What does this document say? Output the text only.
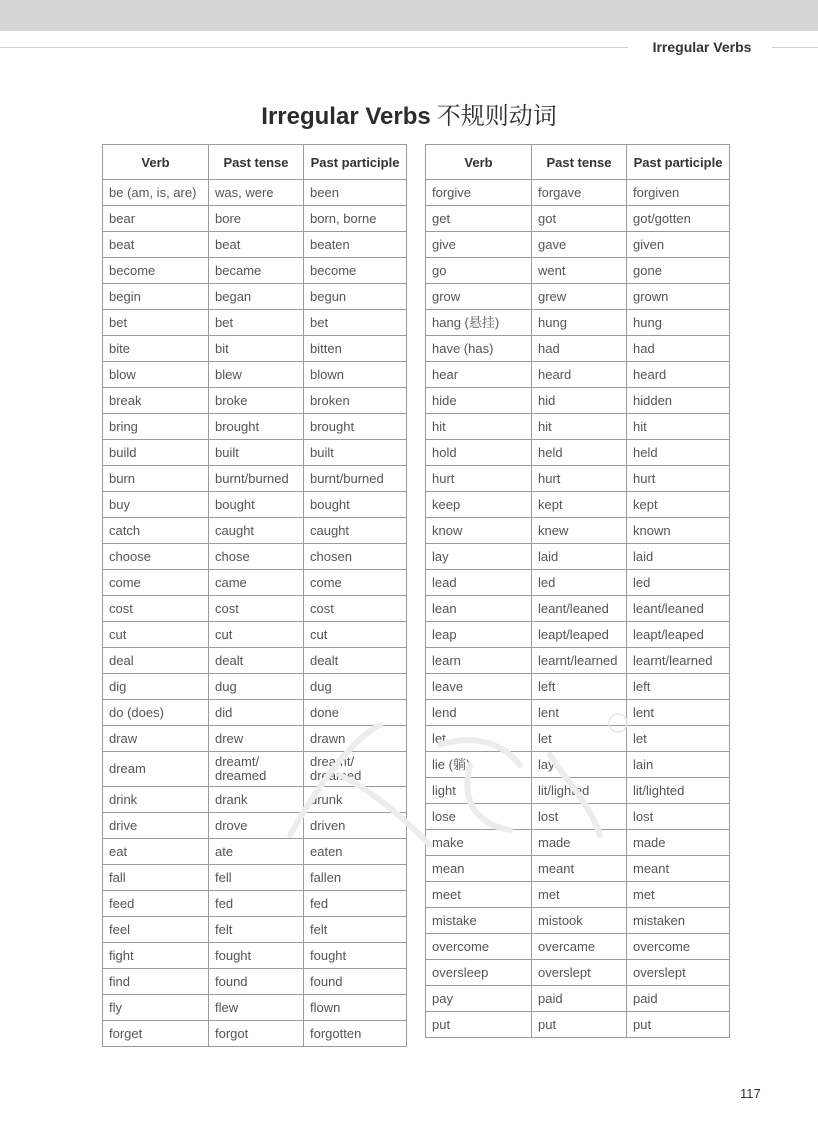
Irregular Verbs
Irregular Verbs 不规则动词
Verb	Past tense	Past participle
be (am, is, are)	was, were	been
bear	bore	born, borne
beat	beat	beaten
become	became	become
begin	began	begun
bet	bet	bet
bite	bit	bitten
blow	blew	blown
break	broke	broken
bring	brought	brought
build	built	built
burn	burnt/burned	burnt/burned
buy	bought	bought
catch	caught	caught
choose	chose	chosen
come	came	come
cost	cost	cost
cut	cut	cut
deal	dealt	dealt
dig	dug	dug
do (does)	did	done
draw	drew	drawn
dream	dreamt/ dreamed	dreamt/ dreamed
drink	drank	drunk
drive	drove	driven
eat	ate	eaten
fall	fell	fallen
feed	fed	fed
feel	felt	felt
fight	fought	fought
find	found	found
fly	flew	flown
forget	forgot	forgotten
Verb	Past tense	Past participle
forgive	forgave	forgiven
get	got	got/gotten
give	gave	given
go	went	gone
grow	grew	grown
hang (悬挂)	hung	hung
have (has)	had	had
hear	heard	heard
hide	hid	hidden
hit	hit	hit
hold	held	held
hurt	hurt	hurt
keep	kept	kept
know	knew	known
lay	laid	laid
lead	led	led
lean	leant/leaned	leant/leaned
leap	leapt/leaped	leapt/leaped
learn	learnt/learned	learnt/learned
leave	left	left
lend	lent	lent
let	let	let
lie (躺)	lay	lain
light	lit/lighted	lit/lighted
lose	lost	lost
make	made	made
mean	meant	meant
meet	met	met
mistake	mistook	mistaken
overcome	overcame	overcome
oversleep	overslept	overslept
pay	paid	paid
put	put	put
117
